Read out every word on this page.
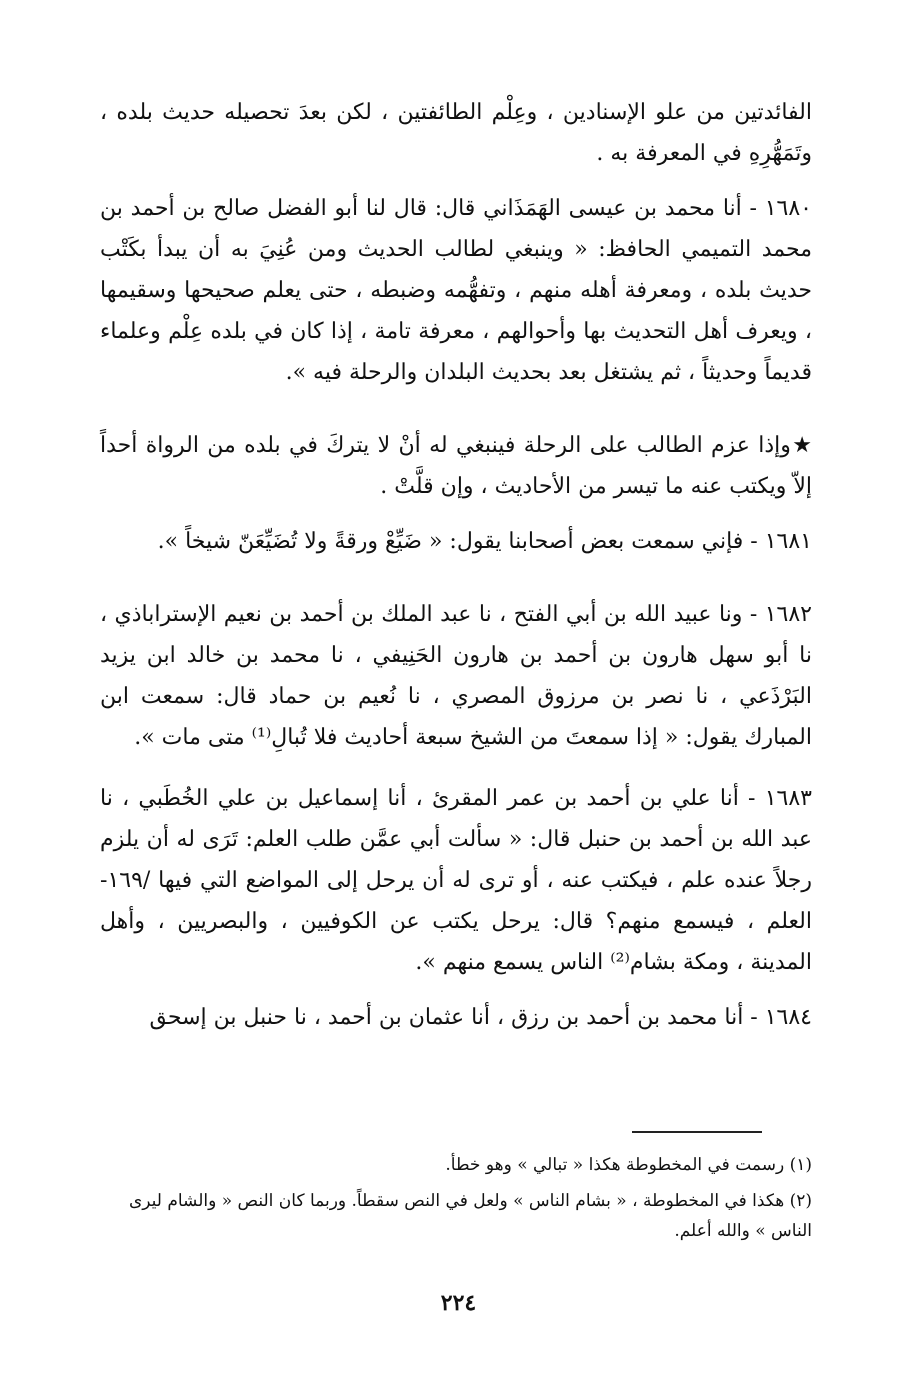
الفائدتين من علو الإسنادين ، وعِلْم الطائفتين ، لكن بعدَ تحصيله حديث بلده ، وتَمَهُّرِهِ في المعرفة به .

١٦٨٠ - أنا محمد بن عيسى الهَمَذَاني قال: قال لنا أبو الفضل صالح بن أحمد بن محمد التميمي الحافظ: « وينبغي لطالب الحديث ومن عُنِيَ به أن يبدأ بكَتْب حديث بلده ، ومعرفة أهله منهم ، وتفهُّمه وضبطه ، حتى يعلم صحيحها وسقيمها ، ويعرف أهل التحديث بها وأحوالهم ، معرفة تامة ، إذا كان في بلده عِلْم وعلماء قديماً وحديثاً ، ثم يشتغل بعد بحديث البلدان والرحلة فيه ».

★وإذا عزم الطالب على الرحلة فينبغي له أنْ لا يتركَ في بلده من الرواة أحداً إلاّ ويكتب عنه ما تيسر من الأحاديث ، وإن قلَّتْ .

١٦٨١ - فإني سمعت بعض أصحابنا يقول: « ضَيِّعْ ورقةً ولا تُضَيِّعَنّ شيخاً ».

١٦٨٢ - ونا عبيد الله بن أبي الفتح ، نا عبد الملك بن أحمد بن نعيم الإستراباذي ، نا أبو سهل هارون بن أحمد بن هارون الحَنِيفي ، نا محمد بن خالد ابن يزيد البَرْذَعي ، نا نصر بن مرزوق المصري ، نا نُعيم بن حماد قال: سمعت ابن المبارك يقول: « إذا سمعتَ من الشيخ سبعة أحاديث فلا تُبالِ⁽¹⁾ متى مات ».

١٦٨٣ - أنا علي بن أحمد بن عمر المقرئ ، أنا إسماعيل بن علي الخُطَبي ، نا عبد الله بن أحمد بن حنبل قال: « سألت أبي عمَّن طلب العلم: تَرَى له أن يلزم رجلاً عنده علم ، فيكتب عنه ، أو ترى له أن يرحل إلى المواضع التي فيها /١٦٩- العلم ، فيسمع منهم؟ قال: يرحل يكتب عن الكوفيين ، والبصريين ، وأهل المدينة ، ومكة بشام⁽²⁾ الناس يسمع منهم ».

١٦٨٤ - أنا محمد بن أحمد بن رزق ، أنا عثمان بن أحمد ، نا حنبل بن إسحق

(١) رسمت في المخطوطة هكذا « تبالي » وهو خطأ.

(٢) هكذا في المخطوطة ، « بشام الناس » ولعل في النص سقطاً. وربما كان النص « والشام ليرى الناس » والله أعلم.

٢٢٤
